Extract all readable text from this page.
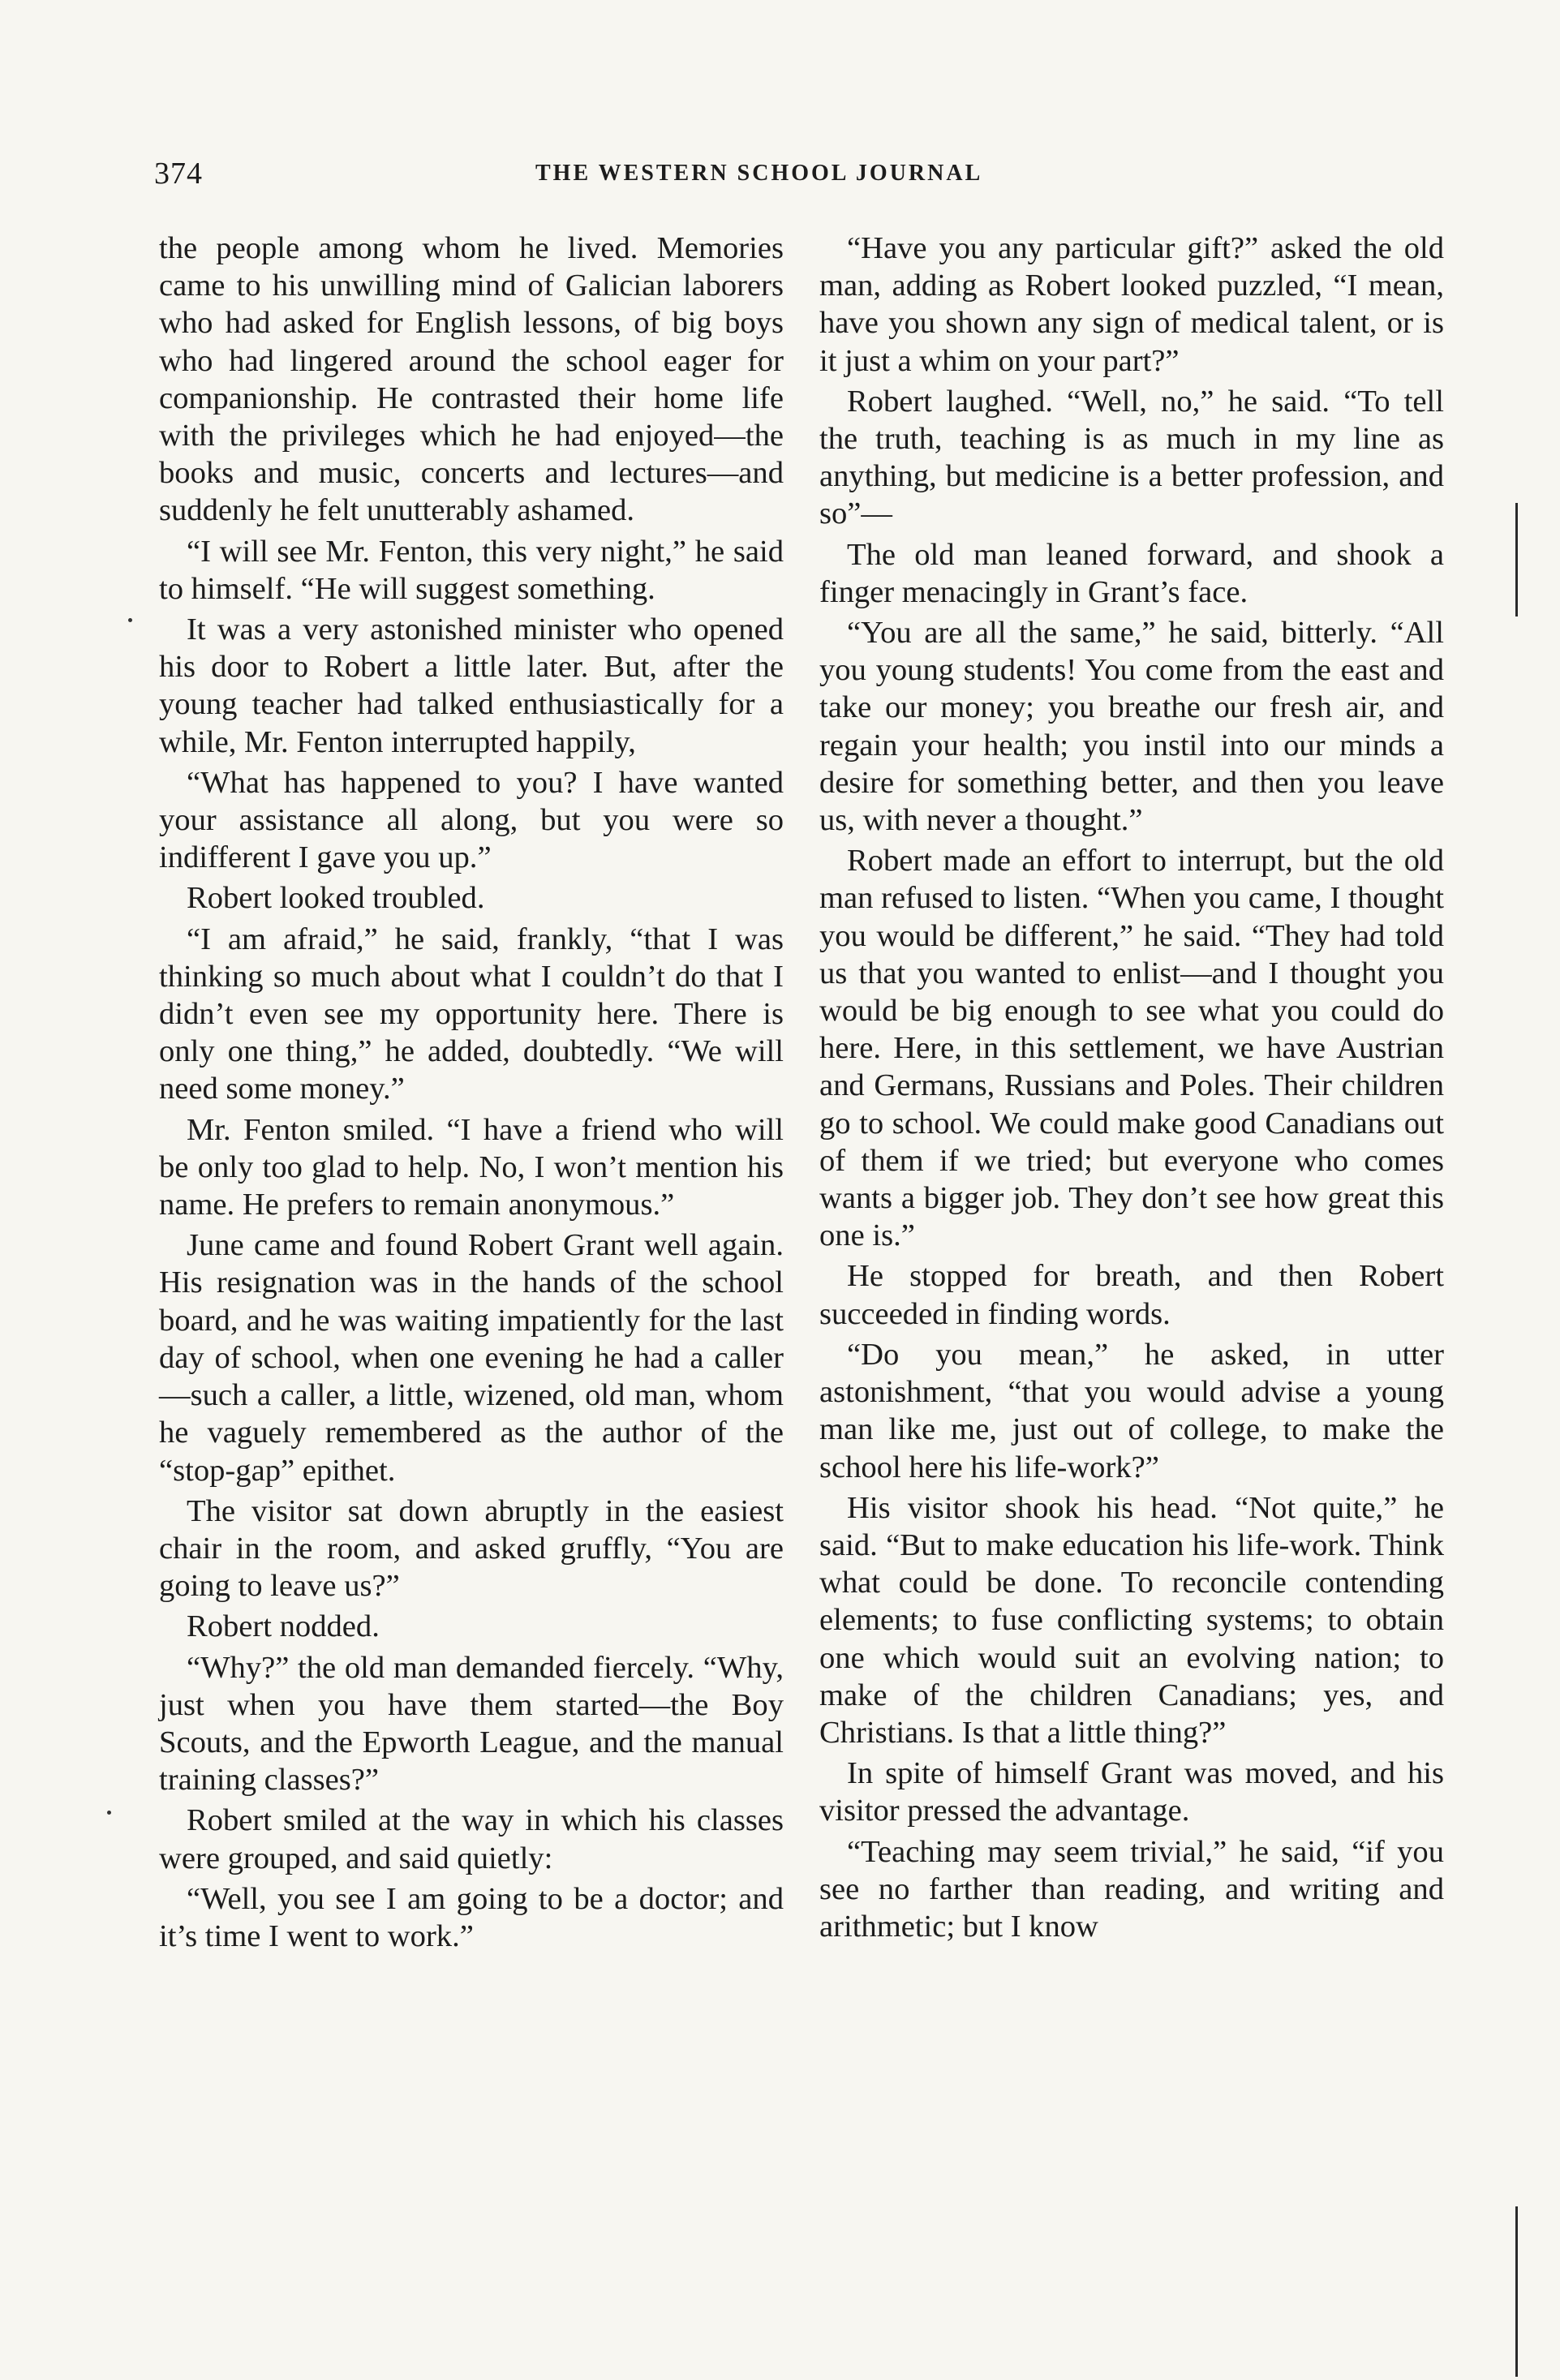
374	THE WESTERN SCHOOL JOURNAL

the people among whom he lived. Memories came to his unwilling mind of Galician laborers who had asked for English lessons, of big boys who had lingered around the school eager for companionship. He contrasted their home life with the privileges which he had enjoyed—the books and music, concerts and lectures—and suddenly he felt unutterably ashamed.

“I will see Mr. Fenton, this very night,” he said to himself. “He will suggest something.

It was a very astonished minister who opened his door to Robert a little later. But, after the young teacher had talked enthusiastically for a while, Mr. Fenton interrupted happily,

“What has happened to you? I have wanted your assistance all along, but you were so indifferent I gave you up.”

Robert looked troubled.

“I am afraid,” he said, frankly, “that I was thinking so much about what I couldn’t do that I didn’t even see my opportunity here. There is only one thing,” he added, doubtedly. “We will need some money.”

Mr. Fenton smiled. “I have a friend who will be only too glad to help. No, I won’t mention his name. He prefers to remain anonymous.”

June came and found Robert Grant well again. His resignation was in the hands of the school board, and he was waiting impatiently for the last day of school, when one evening he had a caller—such a caller, a little, wizened, old man, whom he vaguely remembered as the author of the “stop-gap” epithet.

The visitor sat down abruptly in the easiest chair in the room, and asked gruffly, “You are going to leave us?”

Robert nodded.

“Why?” the old man demanded fiercely. “Why, just when you have them started—the Boy Scouts, and the Epworth League, and the manual training classes?”

Robert smiled at the way in which his classes were grouped, and said quietly:

“Well, you see I am going to be a doctor; and it’s time I went to work.”

“Have you any particular gift?” asked the old man, adding as Robert looked puzzled, “I mean, have you shown any sign of medical talent, or is it just a whim on your part?”

Robert laughed. “Well, no,” he said. “To tell the truth, teaching is as much in my line as anything, but medicine is a better profession, and so”—

The old man leaned forward, and shook a finger menacingly in Grant’s face.

“You are all the same,” he said, bitterly. “All you young students! You come from the east and take our money; you breathe our fresh air, and regain your health; you instil into our minds a desire for something better, and then you leave us, with never a thought.”

Robert made an effort to interrupt, but the old man refused to listen. “When you came, I thought you would be different,” he said. “They had told us that you wanted to enlist—and I thought you would be big enough to see what you could do here. Here, in this settlement, we have Austrian and Germans, Russians and Poles. Their children go to school. We could make good Canadians out of them if we tried; but everyone who comes wants a bigger job. They don’t see how great this one is.”

He stopped for breath, and then Robert succeeded in finding words.

“Do you mean,” he asked, in utter astonishment, “that you would advise a young man like me, just out of college, to make the school here his life-work?”

His visitor shook his head. “Not quite,” he said. “But to make education his life-work. Think what could be done. To reconcile contending elements; to fuse conflicting systems; to obtain one which would suit an evolving nation; to make of the children Canadians; yes, and Christians. Is that a little thing?”

In spite of himself Grant was moved, and his visitor pressed the advantage.

“Teaching may seem trivial,” he said, “if you see no farther than reading, and writing and arithmetic; but I know
